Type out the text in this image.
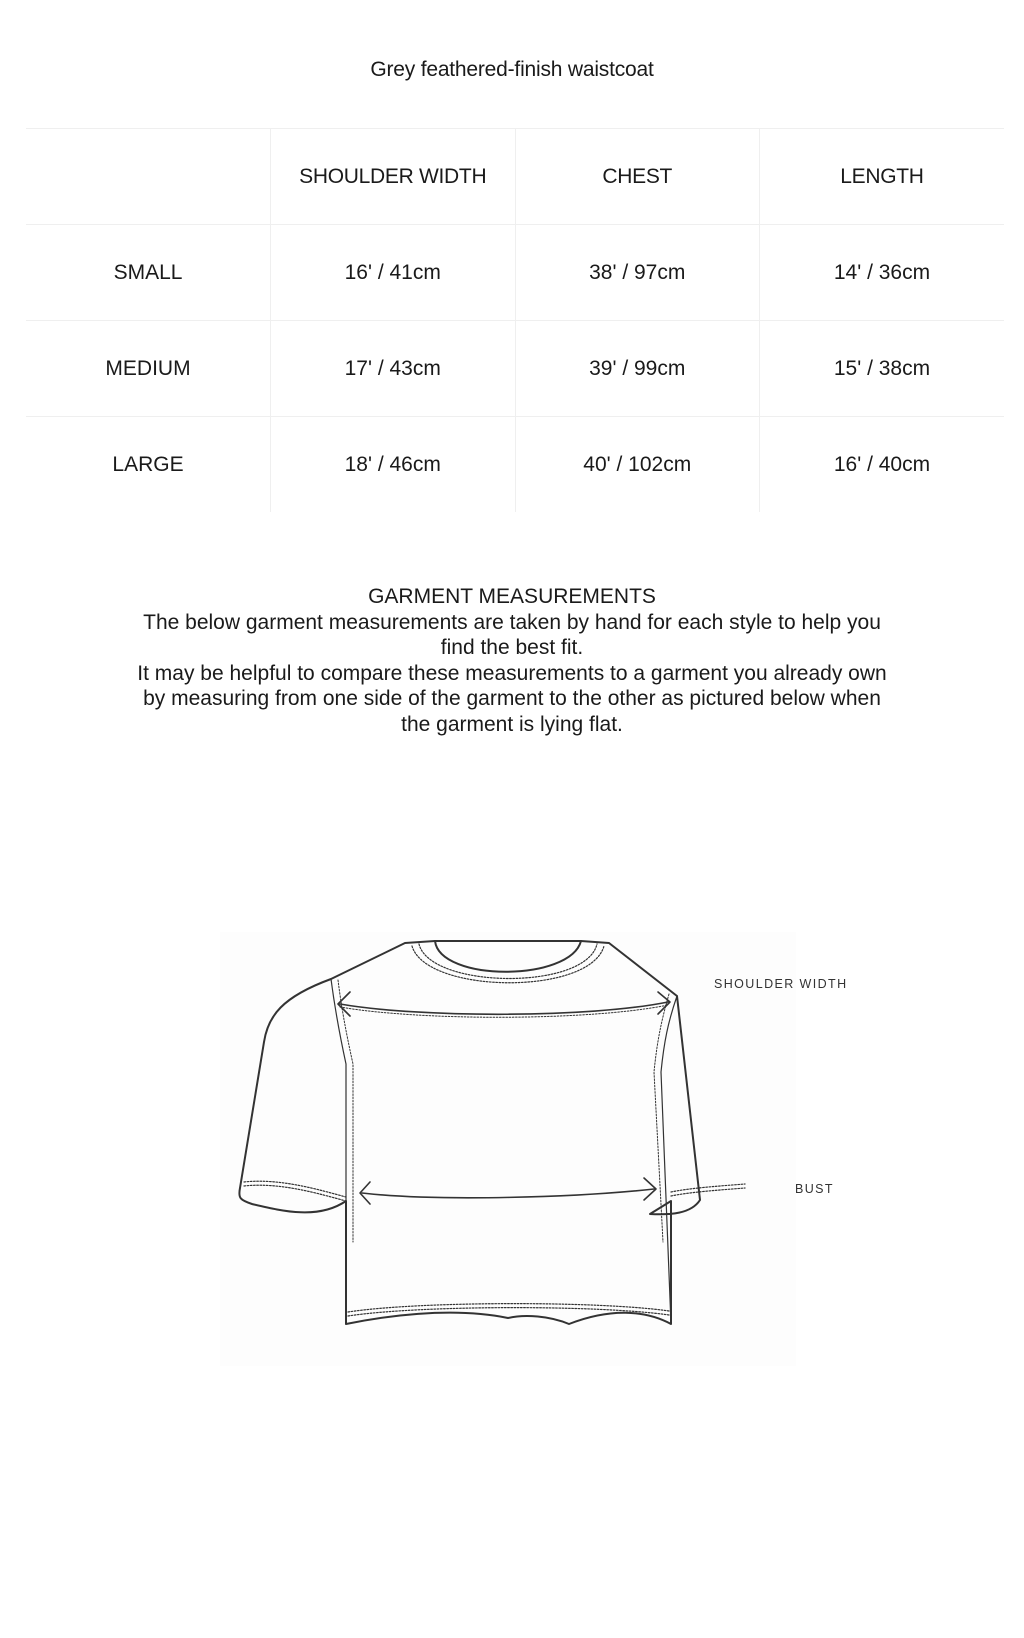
Grey feathered-finish waistcoat
	SHOULDER WIDTH	CHEST	LENGTH
SMALL	16' / 41cm	38' / 97cm	14' / 36cm
MEDIUM	17' / 43cm	39' / 99cm	15' / 38cm
LARGE	18' / 46cm	40' / 102cm	16' / 40cm

GARMENT MEASUREMENTS

The below garment measurements are taken by hand for each style to help you find the best fit.

It may be helpful to compare these measurements to a garment you already own by measuring from one side of the garment to the other as pictured below when the garment is lying flat.

SHOULDER WIDTH
BUST
